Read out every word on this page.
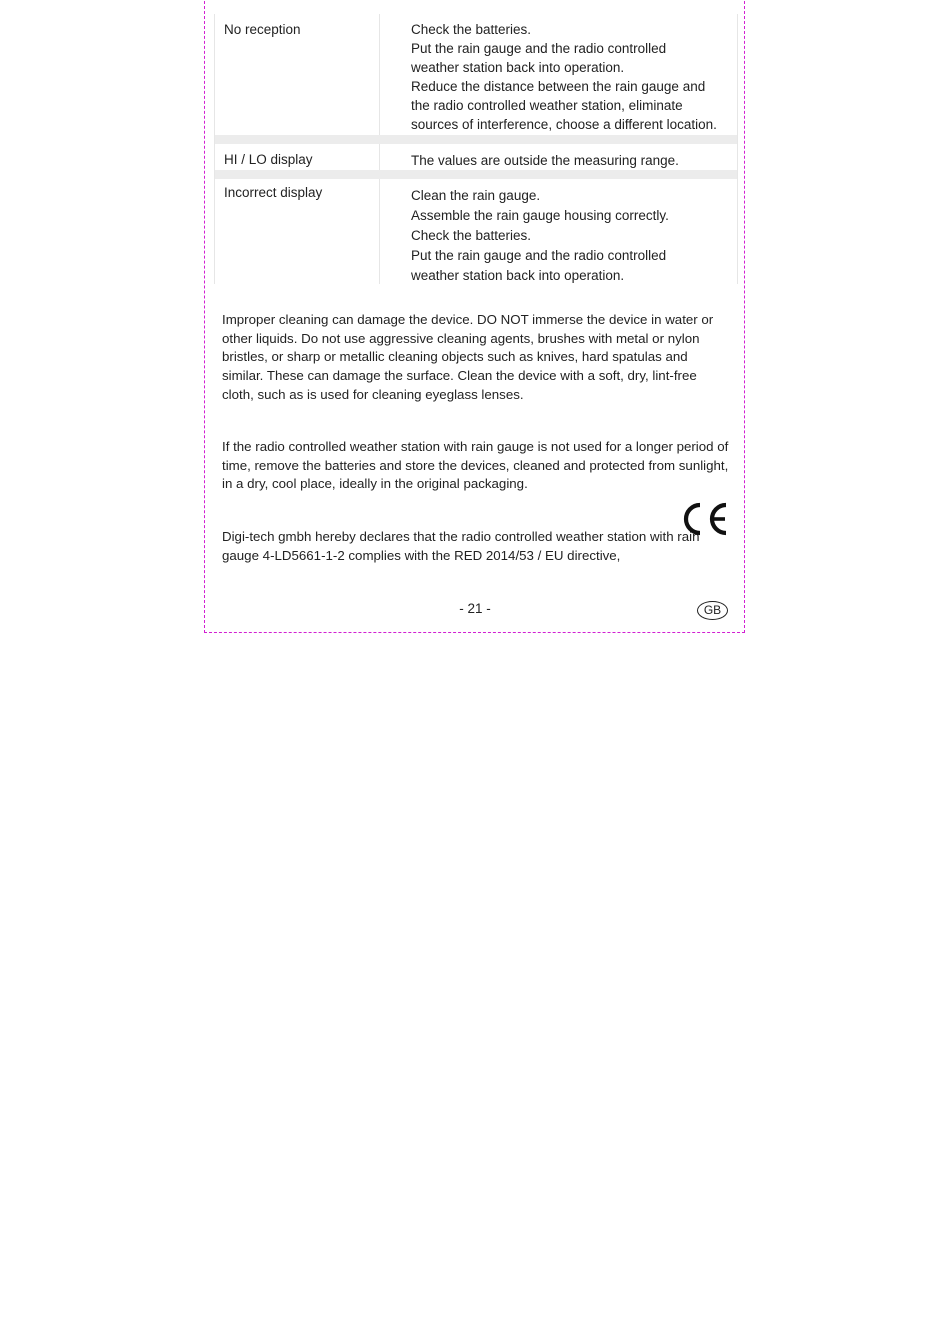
No reception	Check the batteries.
Put the rain gauge and the radio controlled
weather station back into operation.
Reduce the distance between the rain gauge and
the radio controlled weather station, eliminate
sources of interference, choose a different location.
HI / LO display	The values are outside the measuring range.
Incorrect display	Clean the rain gauge.
Assemble the rain gauge housing correctly.
Check the batteries.
Put the rain gauge and the radio controlled
weather station back into operation.
Improper cleaning can damage the device. DO NOT immerse the device in water or other liquids. Do not use aggressive cleaning agents, brushes with metal or nylon bristles, or sharp or metallic cleaning objects such as knives, hard spatulas and similar. These can damage the surface. Clean the device with a soft, dry, lint-free cloth, such as is used for cleaning eyeglass lenses.
If the radio controlled weather station with rain gauge is not used for a longer period of time, remove the batteries and store the devices, cleaned and protected from sunlight, in a dry, cool place, ideally in the original packaging.
Digi-tech gmbh hereby declares that the radio controlled weather station with rain gauge 4-LD5661-1-2 complies with the RED 2014/53 / EU directive,
- 21 -	GB
